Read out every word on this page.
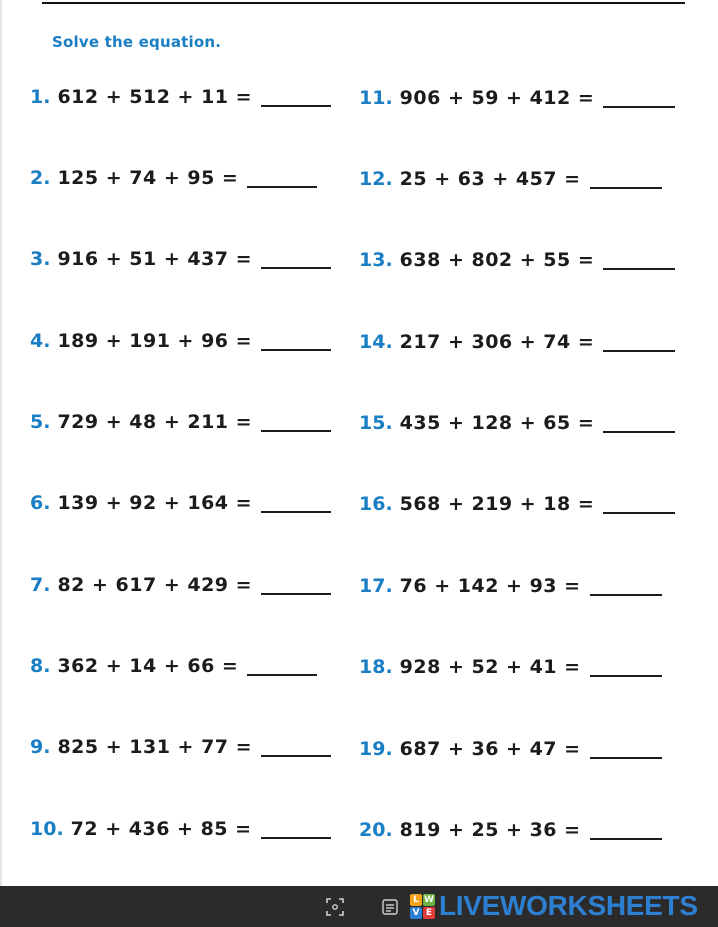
Solve the equation.
1. 612 + 512 + 11 =
2. 125 + 74 + 95 =
3. 916 + 51 + 437 =
4. 189 + 191 + 96 =
5. 729 + 48 + 211 =
6. 139 + 92 + 164 =
7. 82 + 617 + 429 =
8. 362 + 14 + 66 =
9. 825 + 131 + 77 =
10. 72 + 436 + 85 =
11. 906 + 59 + 412 =
12. 25 + 63 + 457 =
13. 638 + 802 + 55 =
14. 217 + 306 + 74 =
15. 435 + 128 + 65 =
16. 568 + 219 + 18 =
17. 76 + 142 + 93 =
18. 928 + 52 + 41 =
19. 687 + 36 + 47 =
20. 819 + 25 + 36 =
L W
V E LIVEWORKSHEETS
